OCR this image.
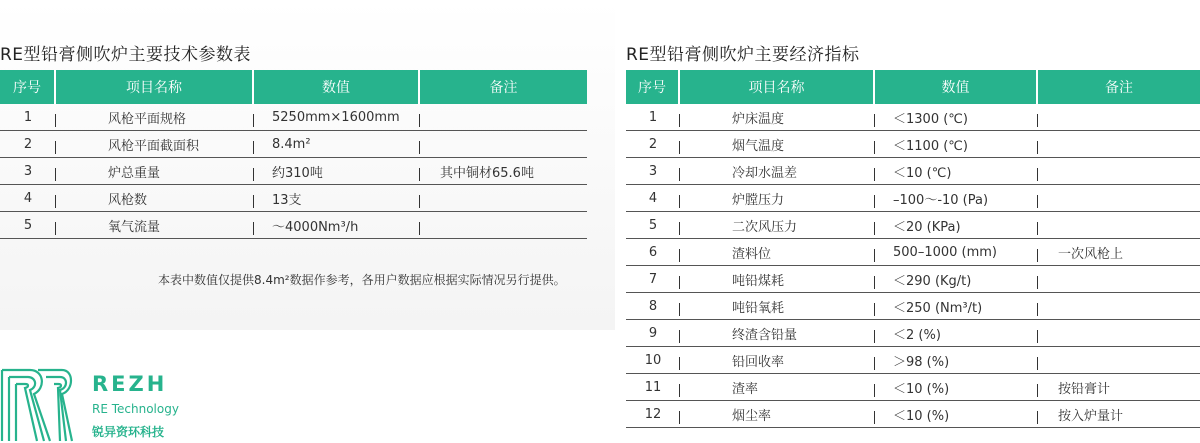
RE型铅膏侧吹炉主要技术参数表
序号	项目名称	数值	备注
1	风枪平面规格	5250mm×1600mm
2	风枪平面截面积	8.4m²
3	炉总重量	约310吨	其中铜材65.6吨
4	风枪数	13支
5	氧气流量	～4000Nm³/h
本表中数值仅提供8.4m²数据作参考，各用户数据应根据实际情况另行提供。
RE型铅膏侧吹炉主要经济指标
序号	项目名称	数值	备注
1	炉床温度	＜1300 (℃)
2	烟气温度	＜1100 (℃)
3	冷却水温差	＜10 (℃)
4	炉膛压力	–100～-10 (Pa)
5	二次风压力	＜20 (KPa)
6	渣料位	500–1000 (mm)	一次风枪上
7	吨铅煤耗	＜290 (Kg/t)
8	吨铅氧耗	＜250 (Nm³/t)
9	终渣含铅量	＜2 (%)
10	铅回收率	＞98 (%)
11	渣率	＜10 (%)	按铅膏计
12	烟尘率	＜10 (%)	按入炉量计
REZH
RE Technology
锐异资环科技
